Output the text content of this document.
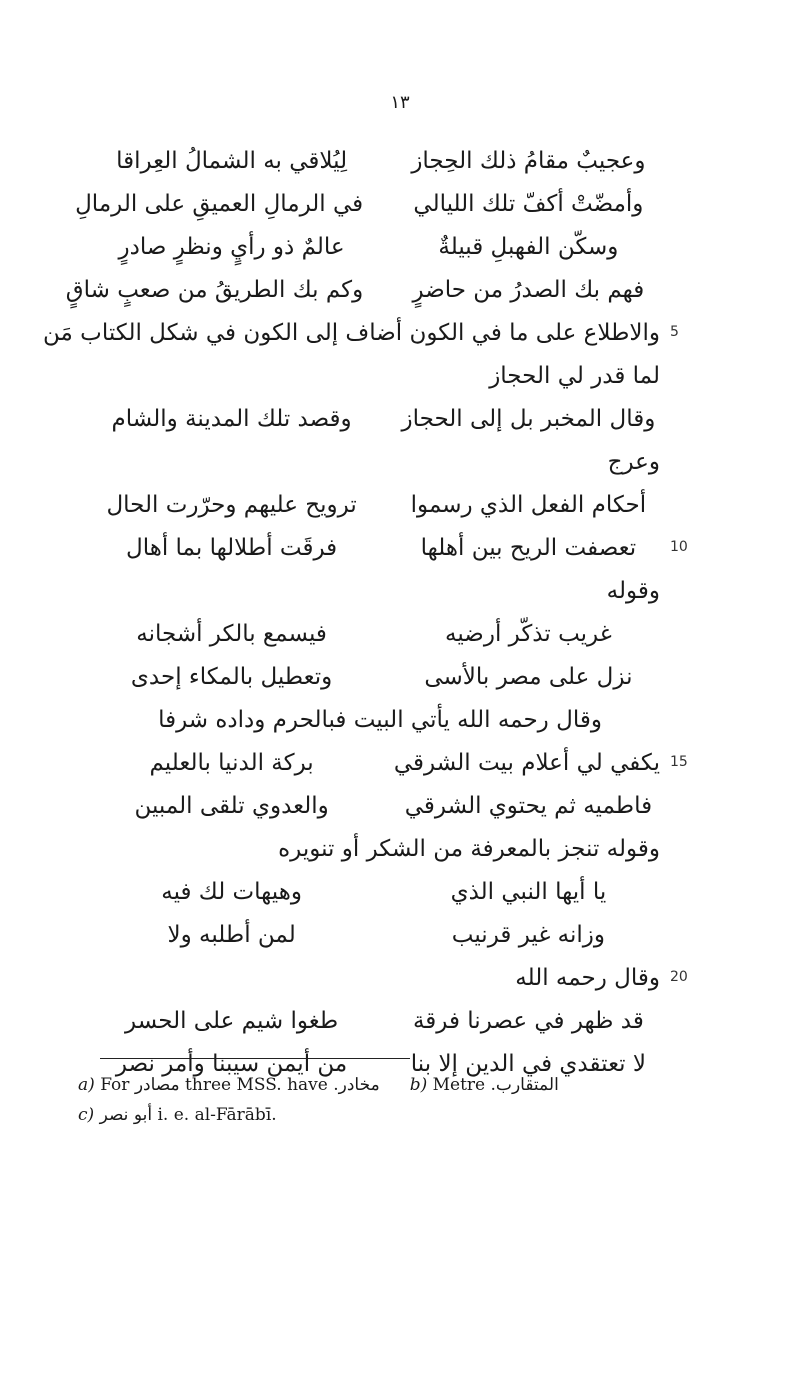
١٣
وعجيبٌ مقامُ ذلك الحِجاز
لِيُلاقي به الشمالُ العِراقا
وأمضّتْ أكفّ تلك الليالي
في الرمالِ العميقِ على الرمالِ
وسكّن الفهبلِ قبيلةٌ
عالمٌ ذو رأيٍ ونظرٍ صادرٍ
فهم بك الصدرُ من حاضرٍ
وكم بك الطريقُ من صعبٍ شاقٍ
والاطلاع على ما في الكون أضاف إلى الكون في شكل الكتاب مَن
لما قدر لي الحجاز
وقال المخبر بل إلى الحجاز
وقصد تلك المدينة والشام
وعرج
أحكام الفعل الذي رسموا
ترويح عليهم وحرّرت الحال
تعصفت الريح بين أهلها
فرقَت أطلالها بما أهال
وقوله
غريب تذكّر أرضيه
فيسمع بالكر أشجانه
نزل على مصر بالأسى
وتعطيل بالمكاء إحدى
وقال رحمه الله يأتي البيت فبالحرم وداده شرفا
يكفي لي أعلام بيت الشرقي
بركة الدنيا بالعليم
فاطميه ثم يحتوي الشرقي
والعدوي تلقى المبين
وقوله تنجز بالمعرفة من الشكر أو تنويره
يا أيها النبي الذي
وهيهات لك فيه
وزانه غير قرنيب
لمن أطلبه ولا
وقال رحمه الله
قد ظهر في عصرنا فرقة
طغوا شيم على الحسر
لا تعتقدي في الدين إلا بنا
من أيمن سيبنا وأمر نصر
a) For مصادر three MSS. have مخادر. b) Metre المتقارب.
c) أبو نصر i. e. al-Fārābī.
5
10
15
20
